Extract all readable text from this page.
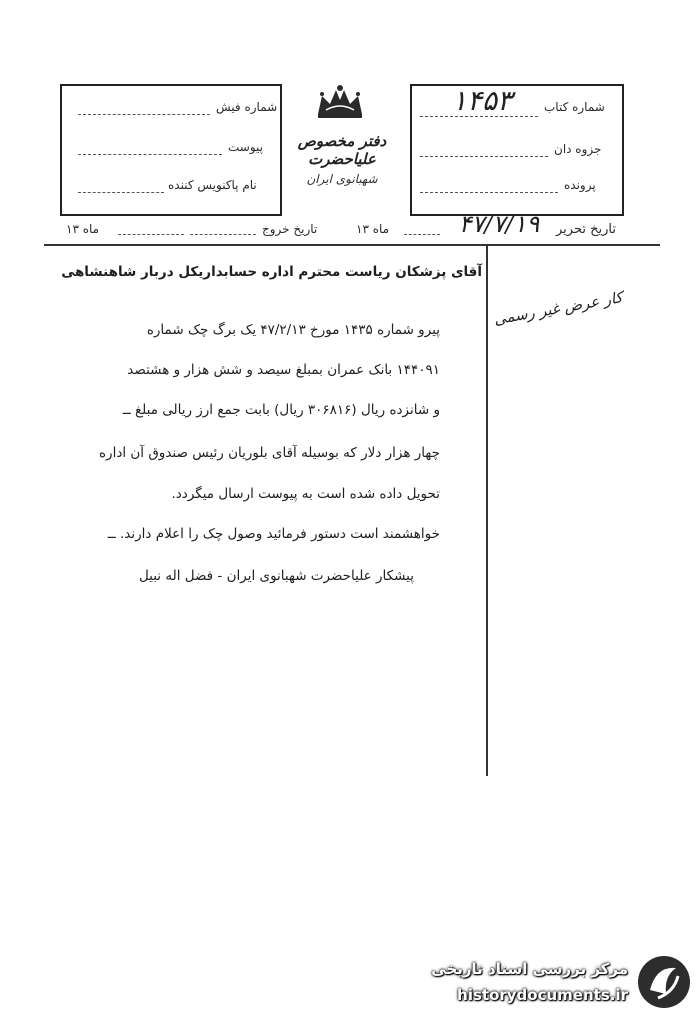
شماره فیش
پیوست
نام پاکنویس کننده
دفتر مخصوص علیاحضرت
شهبانوی ایران
شماره کتاب
۱۴۵۳
جزوه دان
پرونده
تاریخ تحریر
۴۷/۷/۱۹
ماه ۱۳
تاریخ خروج
ماه ۱۳
کار عرض غیر رسمی
آقای پزشکان ریاست محترم اداره حسابداریکل دربار شاهنشاهی
پیرو شماره ۱۴۳۵ مورخ ۴۷/۲/۱۳ یک برگ چک شماره
۱۴۴۰۹۱ بانک عمران بمبلغ سیصد و شش هزار و هشتصد
و شانزده ریال (۳۰۶۸۱۶ ریال) بابت جمع ارز ریالی مبلغ ــ
چهار هزار دلار که بوسیله آقای بلوریان رئیس صندوق آن اداره
تحویل داده شده است به پیوست ارسال میگردد.
خواهشمند است دستور فرمائید وصول چک را اعلام دارند. ــ
پیشکار علیاحضرت شهبانوی ایران - فضل اله نبیل
مرکز بررسی اسناد تاریخی
historydocuments.ir
